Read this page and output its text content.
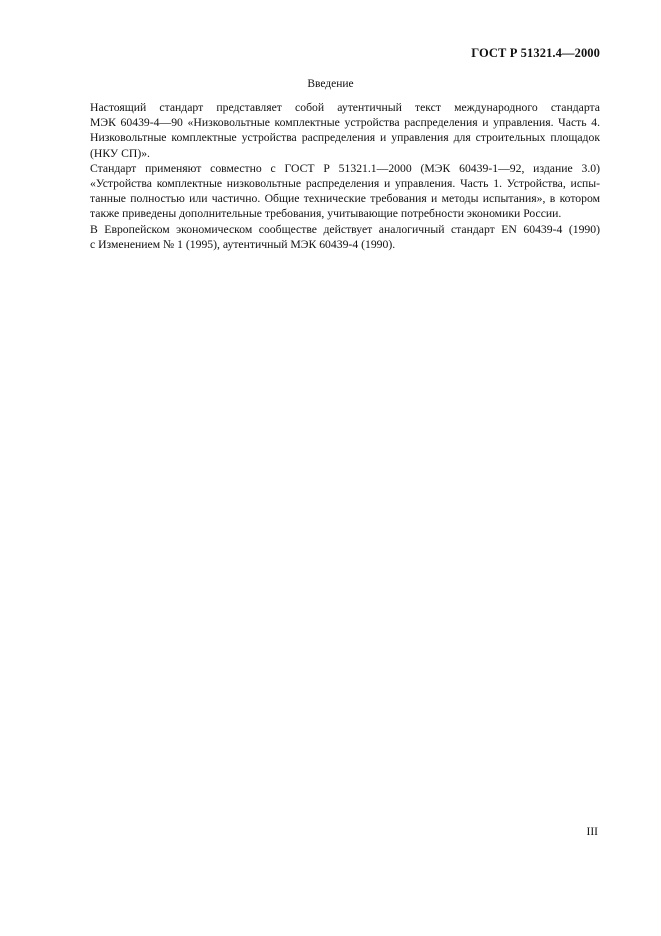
ГОСТ Р 51321.4—2000
Введение

Настоящий стандарт представляет собой аутентичный текст международного стандарта
МЭК 60439-4—90 «Низковольтные комплектные устройства распределения и управления. Часть 4.
Низковольтные комплектные устройства распределения и управления для строительных площадок
(НКУ СП)».

Стандарт применяют совместно с ГОСТ Р 51321.1—2000 (МЭК 60439-1—92, издание 3.0)
«Устройства комплектные низковольтные распределения и управления. Часть 1. Устройства, испы-
танные полностью или частично. Общие технические требования и методы испытания», в котором
также приведены дополнительные требования, учитывающие потребности экономики России.

В Европейском экономическом сообществе действует аналогичный стандарт EN 60439-4 (1990)
с Изменением № 1 (1995), аутентичный МЭК 60439-4 (1990).

III
